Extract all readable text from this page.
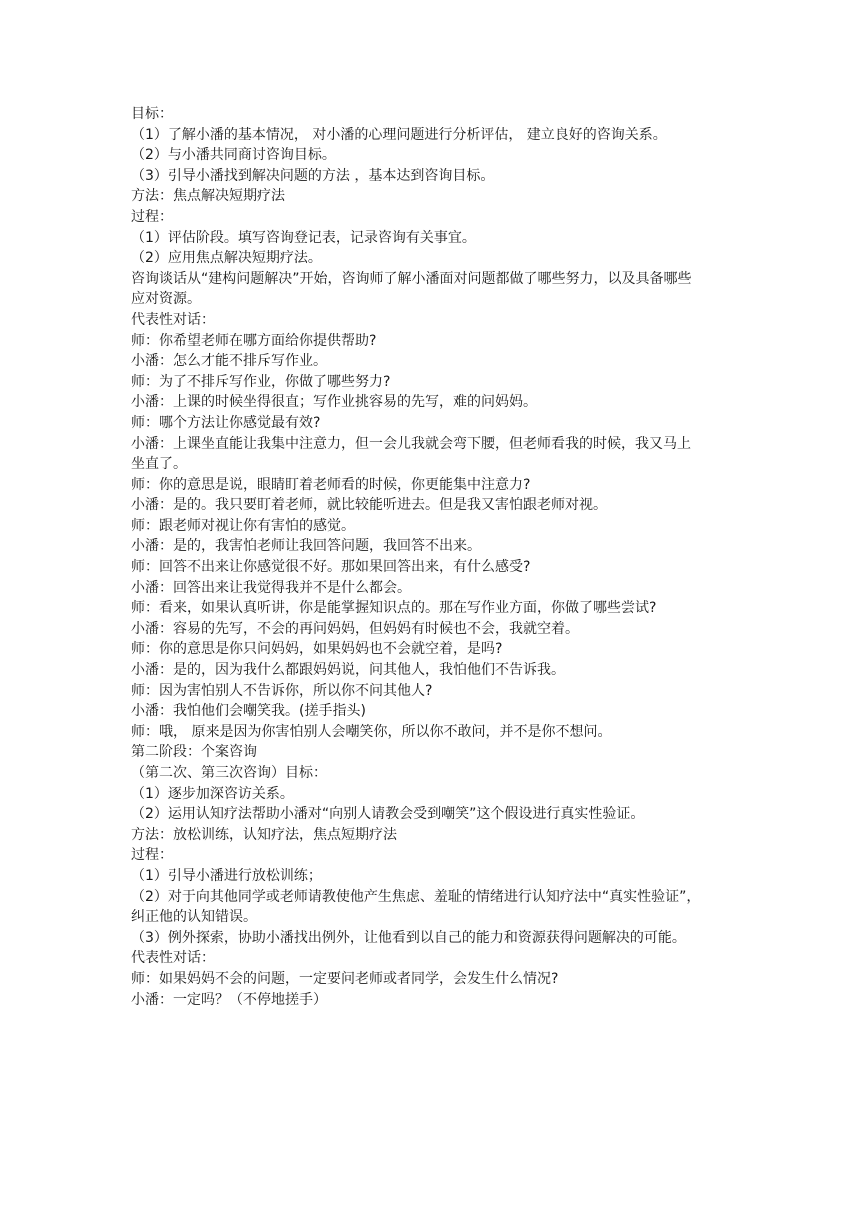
目标：

（1）了解小潘的基本情况， 对小潘的心理问题进行分析评估， 建立良好的咨询关系。

（2）与小潘共同商讨咨询目标。

（3）引导小潘找到解决问题的方法 ，基本达到咨询目标。

方法：焦点解决短期疗法

过程：

（1）评估阶段。填写咨询登记表，记录咨询有关事宜。

（2）应用焦点解决短期疗法。

咨询谈话从“建构问题解决”开始，咨询师了解小潘面对问题都做了哪些努力，以及具备哪些

应对资源。

代表性对话：

师：你希望老师在哪方面给你提供帮助?

小潘：怎么才能不排斥写作业。

师：为了不排斥写作业，你做了哪些努力?

小潘：上课的时候坐得很直；写作业挑容易的先写，难的问妈妈。

师：哪个方法让你感觉最有效?

小潘：上课坐直能让我集中注意力，但一会儿我就会弯下腰，但老师看我的时候，我又马上

坐直了。

师：你的意思是说，眼睛盯着老师看的时候，你更能集中注意力?

小潘：是的。我只要盯着老师，就比较能听进去。但是我又害怕跟老师对视。

师：跟老师对视让你有害怕的感觉。

小潘：是的，我害怕老师让我回答问题，我回答不出来。

师：回答不出来让你感觉很不好。那如果回答出来，有什么感受?

小潘：回答出来让我觉得我并不是什么都会。

师：看来，如果认真听讲，你是能掌握知识点的。那在写作业方面，你做了哪些尝试?

小潘：容易的先写，不会的再问妈妈，但妈妈有时候也不会，我就空着。

师：你的意思是你只问妈妈，如果妈妈也不会就空着，是吗?

小潘：是的，因为我什么都跟妈妈说，问其他人，我怕他们不告诉我。

师：因为害怕别人不告诉你，所以你不问其他人?

小潘：我怕他们会嘲笑我。(搓手指头)

师：哦， 原来是因为你害怕别人会嘲笑你，所以你不敢问，并不是你不想问。

第二阶段：个案咨询

（第二次、第三次咨询）目标：

（1）逐步加深咨访关系。

（2）运用认知疗法帮助小潘对“向别人请教会受到嘲笑”这个假设进行真实性验证。

方法：放松训练，认知疗法，焦点短期疗法

过程：

（1）引导小潘进行放松训练；

（2）对于向其他同学或老师请教使他产生焦虑、羞耻的情绪进行认知疗法中“真实性验证”，

纠正他的认知错误。

（3）例外探索，协助小潘找出例外，让他看到以自己的能力和资源获得问题解决的可能。

代表性对话：

师：如果妈妈不会的问题，一定要问老师或者同学，会发生什么情况?

小潘：一定吗？（不停地搓手）
